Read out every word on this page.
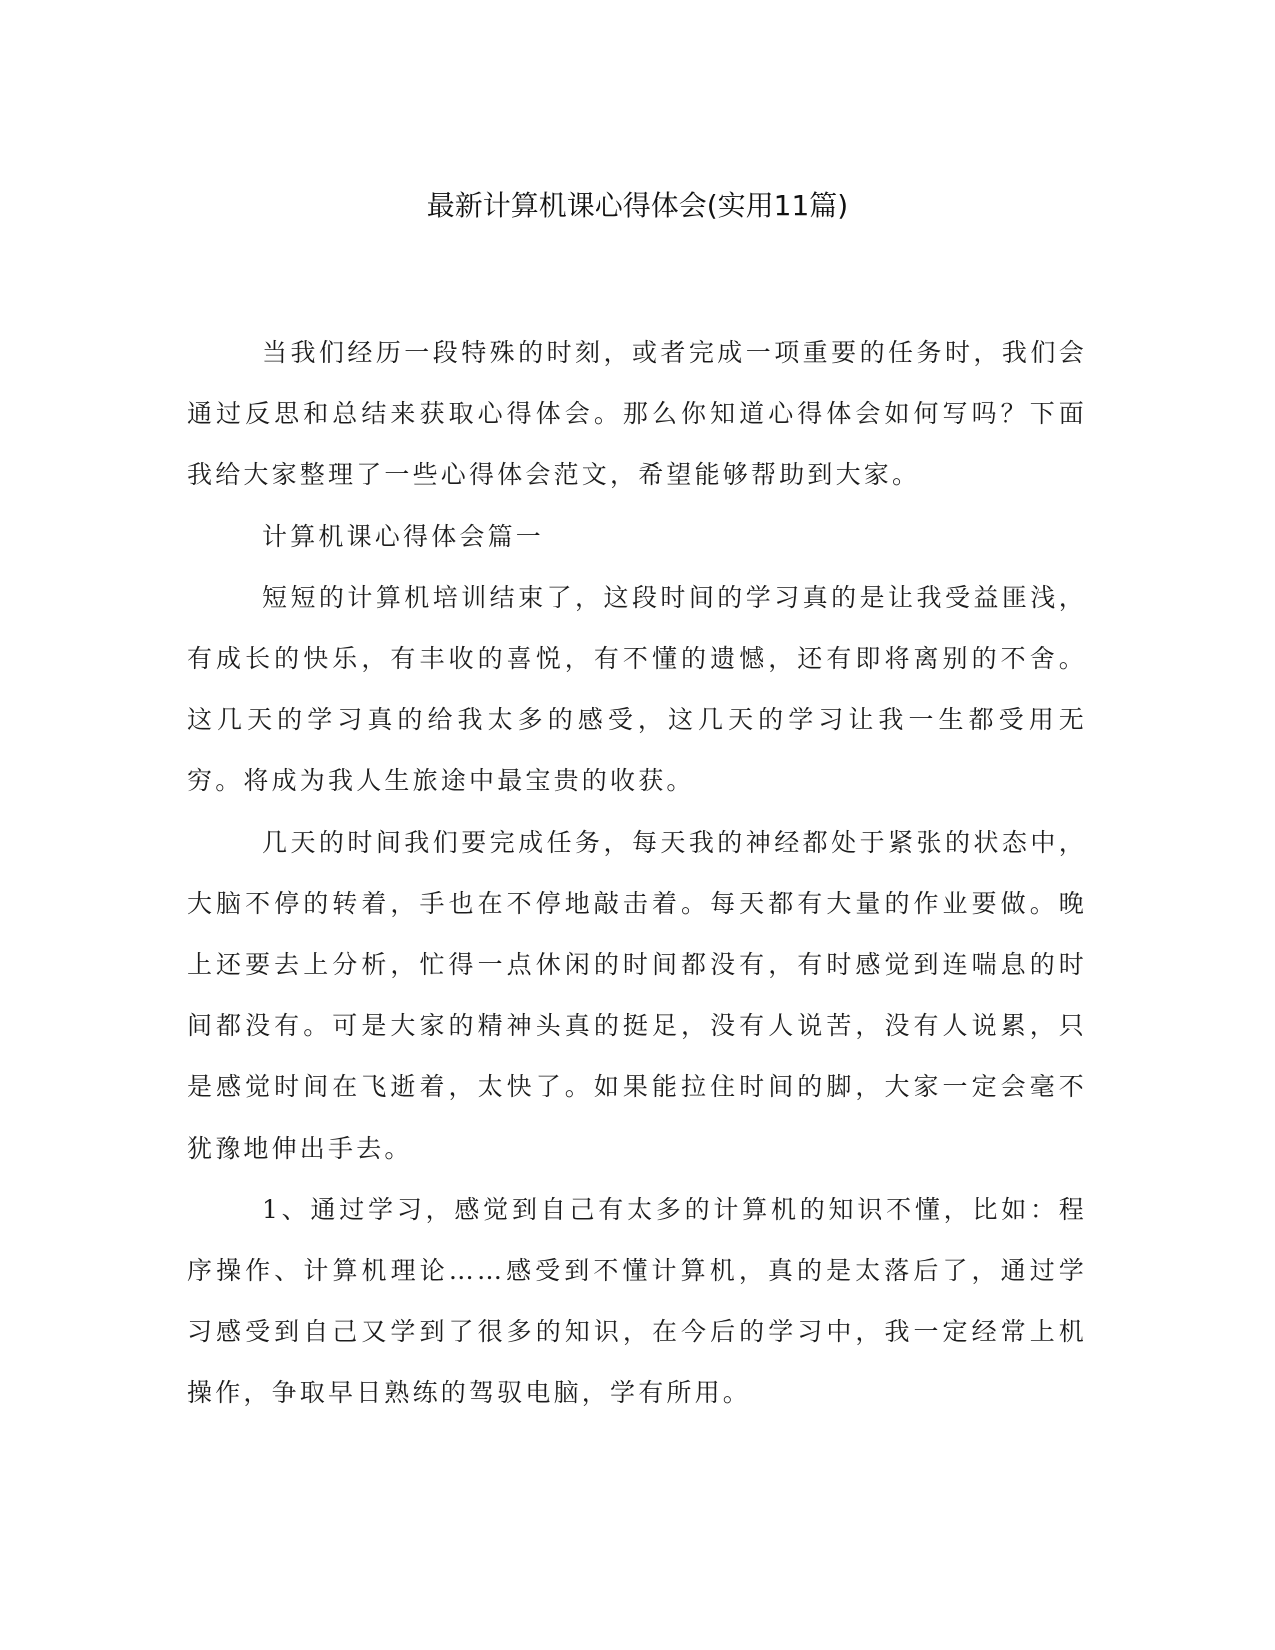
最新计算机课心得体会(实用11篇)

当我们经历一段特殊的时刻，或者完成一项重要的任务时，我们会通过反思和总结来获取心得体会。那么你知道心得体会如何写吗？下面我给大家整理了一些心得体会范文，希望能够帮助到大家。

计算机课心得体会篇一

短短的计算机培训结束了，这段时间的学习真的是让我受益匪浅，有成长的快乐，有丰收的喜悦，有不懂的遗憾，还有即将离别的不舍。这几天的学习真的给我太多的感受，这几天的学习让我一生都受用无穷。将成为我人生旅途中最宝贵的收获。

几天的时间我们要完成任务，每天我的神经都处于紧张的状态中，大脑不停的转着，手也在不停地敲击着。每天都有大量的作业要做。晚上还要去上分析，忙得一点休闲的时间都没有，有时感觉到连喘息的时间都没有。可是大家的精神头真的挺足，没有人说苦，没有人说累，只是感觉时间在飞逝着，太快了。如果能拉住时间的脚，大家一定会毫不犹豫地伸出手去。

1、通过学习，感觉到自己有太多的计算机的知识不懂，比如：程序操作、计算机理论……感受到不懂计算机，真的是太落后了，通过学习感受到自己又学到了很多的知识，在今后的学习中，我一定经常上机操作，争取早日熟练的驾驭电脑，学有所用。
